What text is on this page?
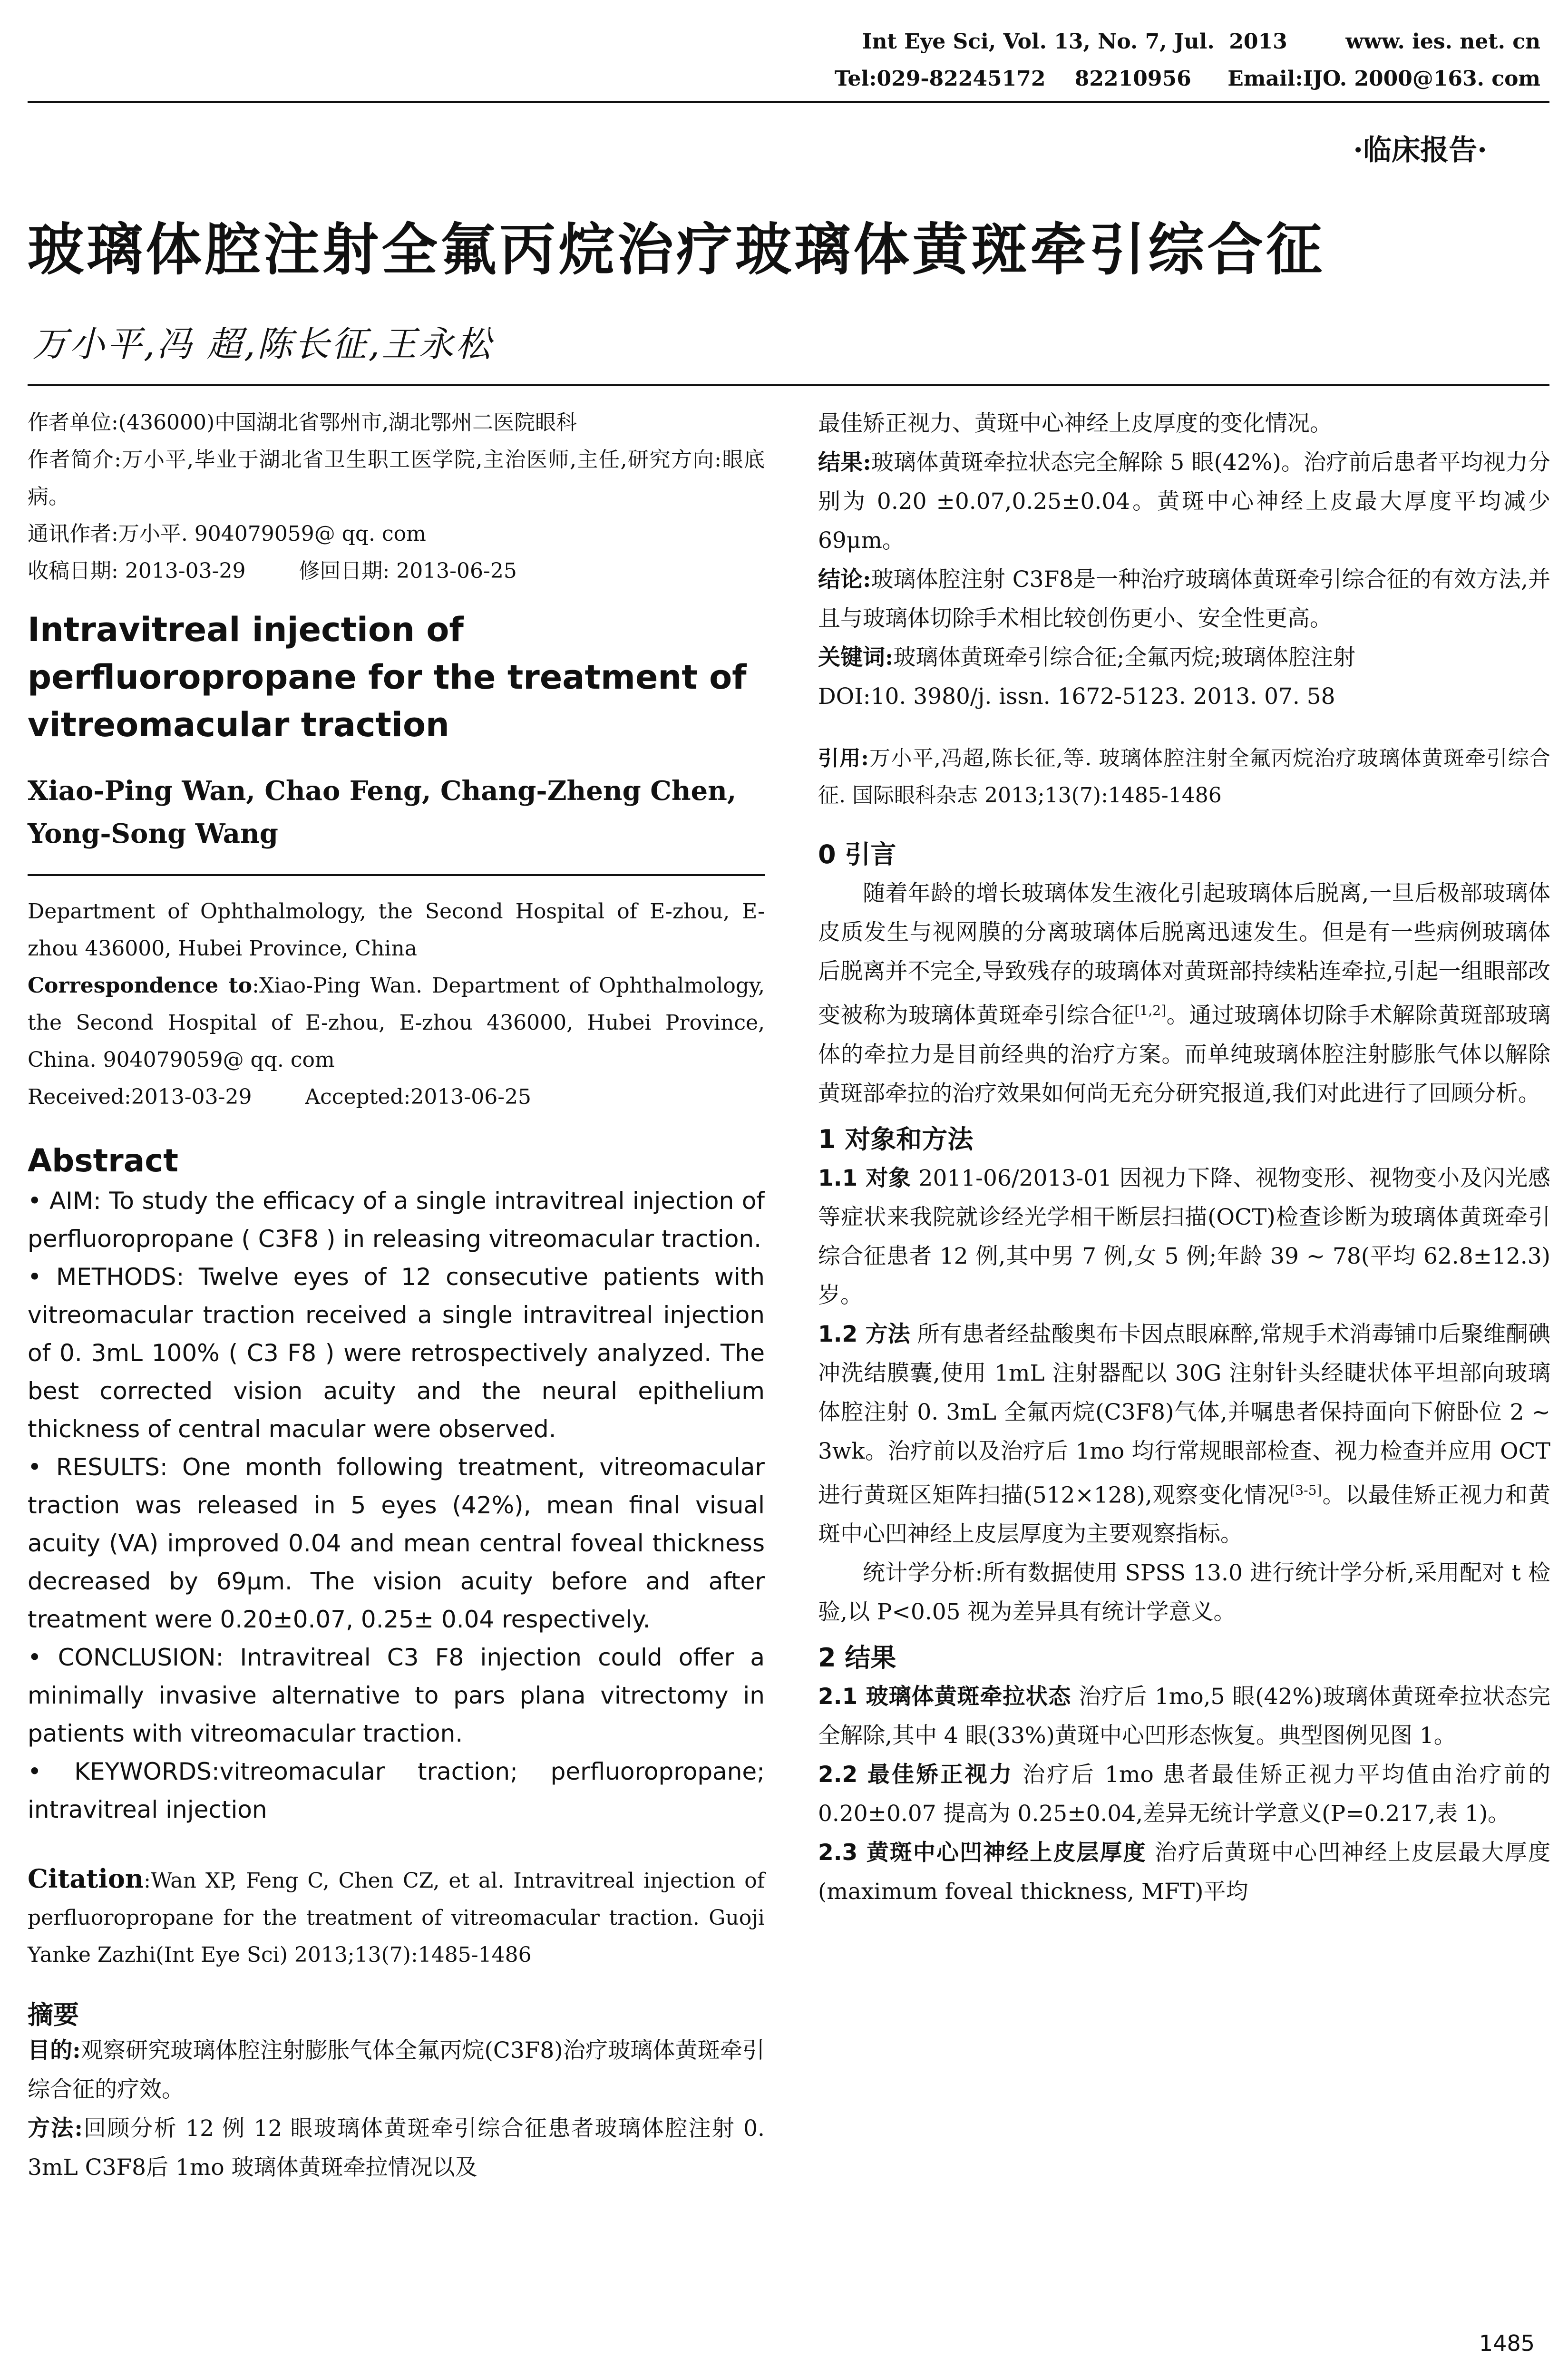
Int Eye Sci, Vol. 13, No. 7, Jul.  2013        www. ies. net. cn
Tel:029-82245172    82210956     Email:IJO. 2000@163. com
·临床报告·
玻璃体腔注射全氟丙烷治疗玻璃体黄斑牵引综合征
万小平,冯 超,陈长征,王永松

作者单位:(436000)中国湖北省鄂州市,湖北鄂州二医院眼科

作者简介:万小平,毕业于湖北省卫生职工医学院,主治医师,主任,研究方向:眼底病。

通讯作者:万小平. 904079059@ qq. com

收稿日期: 2013-03-29        修回日期: 2013-06-25

Intravitreal injection of perfluoropropane for the treatment of vitreomacular traction
Xiao-Ping Wan, Chao Feng, Chang-Zheng Chen, Yong-Song Wang

Department of Ophthalmology, the Second Hospital of E-zhou, E-zhou 436000, Hubei Province, China

Correspondence to:Xiao-Ping Wan. Department of Ophthalmology, the Second Hospital of E-zhou, E-zhou 436000, Hubei Province, China. 904079059@ qq. com

Received:2013-03-29        Accepted:2013-06-25

Abstract

• AIM: To study the efficacy of a single intravitreal injection of perfluoropropane ( C3F8 ) in releasing vitreomacular traction.

• METHODS: Twelve eyes of 12 consecutive patients with vitreomacular traction received a single intravitreal injection of 0. 3mL 100% ( C3 F8 ) were retrospectively analyzed. The best corrected vision acuity and the neural epithelium thickness of central macular were observed.

• RESULTS: One month following treatment, vitreomacular traction was released in 5 eyes (42%), mean final visual acuity (VA) improved 0.04 and mean central foveal thickness decreased by 69μm. The vision acuity before and after treatment were 0.20±0.07, 0.25± 0.04 respectively.

• CONCLUSION: Intravitreal C3 F8 injection could offer a minimally invasive alternative to pars plana vitrectomy in patients with vitreomacular traction.

• KEYWORDS:vitreomacular traction; perfluoropropane; intravitreal injection

Citation:Wan XP, Feng C, Chen CZ, et al. Intravitreal injection of perfluoropropane for the treatment of vitreomacular traction. Guoji Yanke Zazhi(Int Eye Sci) 2013;13(7):1485-1486

摘要

目的:观察研究玻璃体腔注射膨胀气体全氟丙烷(C3F8)治疗玻璃体黄斑牵引综合征的疗效。

方法:回顾分析 12 例 12 眼玻璃体黄斑牵引综合征患者玻璃体腔注射 0. 3mL C3F8后 1mo 玻璃体黄斑牵拉情况以及

最佳矫正视力、黄斑中心神经上皮厚度的变化情况。

结果:玻璃体黄斑牵拉状态完全解除 5 眼(42%)。治疗前后患者平均视力分别为 0.20 ±0.07,0.25±0.04。黄斑中心神经上皮最大厚度平均减少 69μm。

结论:玻璃体腔注射 C3F8是一种治疗玻璃体黄斑牵引综合征的有效方法,并且与玻璃体切除手术相比较创伤更小、安全性更高。

关键词:玻璃体黄斑牵引综合征;全氟丙烷;玻璃体腔注射

DOI:10. 3980/j. issn. 1672-5123. 2013. 07. 58

引用:万小平,冯超,陈长征,等. 玻璃体腔注射全氟丙烷治疗玻璃体黄斑牵引综合征. 国际眼科杂志 2013;13(7):1485-1486

0 引言

随着年龄的增长玻璃体发生液化引起玻璃体后脱离,一旦后极部玻璃体皮质发生与视网膜的分离玻璃体后脱离迅速发生。但是有一些病例玻璃体后脱离并不完全,导致残存的玻璃体对黄斑部持续粘连牵拉,引起一组眼部改变被称为玻璃体黄斑牵引综合征[1,2]。通过玻璃体切除手术解除黄斑部玻璃体的牵拉力是目前经典的治疗方案。而单纯玻璃体腔注射膨胀气体以解除黄斑部牵拉的治疗效果如何尚无充分研究报道,我们对此进行了回顾分析。

1 对象和方法

1.1 对象 2011-06/2013-01 因视力下降、视物变形、视物变小及闪光感等症状来我院就诊经光学相干断层扫描(OCT)检查诊断为玻璃体黄斑牵引综合征患者 12 例,其中男 7 例,女 5 例;年龄 39 ~ 78(平均 62.8±12.3)岁。

1.2 方法 所有患者经盐酸奥布卡因点眼麻醉,常规手术消毒铺巾后聚维酮碘冲洗结膜囊,使用 1mL 注射器配以 30G 注射针头经睫状体平坦部向玻璃体腔注射 0. 3mL 全氟丙烷(C3F8)气体,并嘱患者保持面向下俯卧位 2 ~ 3wk。治疗前以及治疗后 1mo 均行常规眼部检查、视力检查并应用 OCT 进行黄斑区矩阵扫描(512×128),观察变化情况[3-5]。以最佳矫正视力和黄斑中心凹神经上皮层厚度为主要观察指标。

统计学分析:所有数据使用 SPSS 13.0 进行统计学分析,采用配对 t 检验,以 P<0.05 视为差异具有统计学意义。

2 结果

2.1 玻璃体黄斑牵拉状态 治疗后 1mo,5 眼(42%)玻璃体黄斑牵拉状态完全解除,其中 4 眼(33%)黄斑中心凹形态恢复。典型图例见图 1。

2.2 最佳矫正视力 治疗后 1mo 患者最佳矫正视力平均值由治疗前的 0.20±0.07 提高为 0.25±0.04,差异无统计学意义(P=0.217,表 1)。

2.3 黄斑中心凹神经上皮层厚度 治疗后黄斑中心凹神经上皮层最大厚度(maximum foveal thickness, MFT)平均

1485
